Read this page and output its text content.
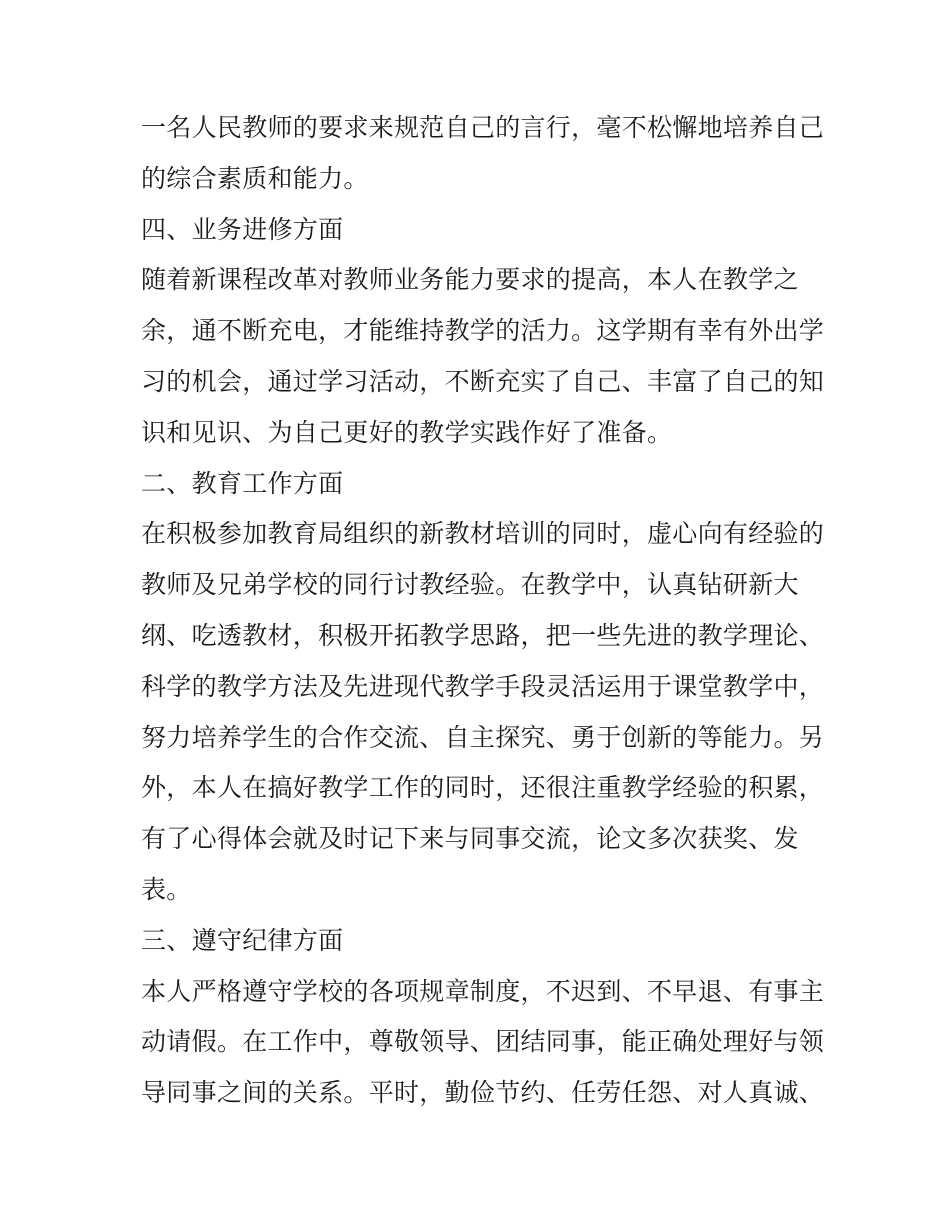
一名人民教师的要求来规范自己的言行，毫不松懈地培养自己
的综合素质和能力。
四、业务进修方面
随着新课程改革对教师业务能力要求的提高，本人在教学之
余，通不断充电，才能维持教学的活力。这学期有幸有外出学
习的机会，通过学习活动，不断充实了自己、丰富了自己的知
识和见识、为自己更好的教学实践作好了准备。
二、教育工作方面
在积极参加教育局组织的新教材培训的同时，虚心向有经验的
教师及兄弟学校的同行讨教经验。在教学中，认真钻研新大
纲、吃透教材，积极开拓教学思路，把一些先进的教学理论、
科学的教学方法及先进现代教学手段灵活运用于课堂教学中，
努力培养学生的合作交流、自主探究、勇于创新的等能力。另
外，本人在搞好教学工作的同时，还很注重教学经验的积累，
有了心得体会就及时记下来与同事交流，论文多次获奖、发
表。
三、遵守纪律方面
本人严格遵守学校的各项规章制度，不迟到、不早退、有事主
动请假。在工作中，尊敬领导、团结同事，能正确处理好与领
导同事之间的关系。平时，勤俭节约、任劳任怨、对人真诚、
